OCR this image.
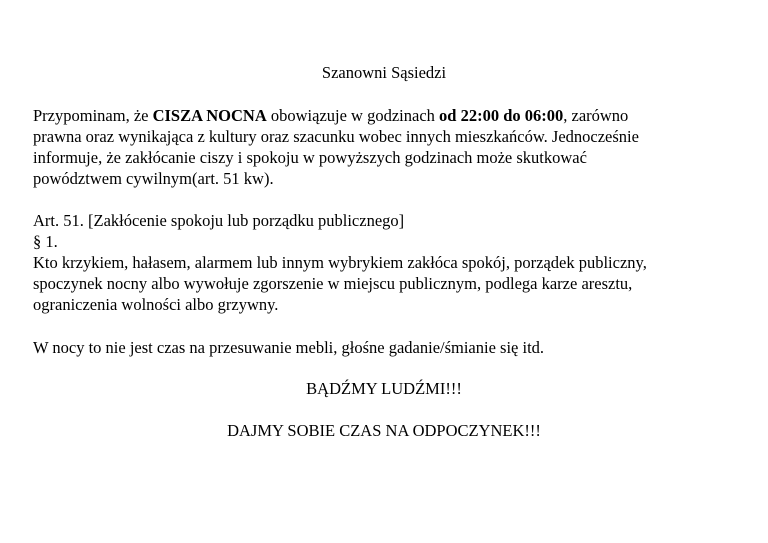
Szanowni Sąsiedzi
Przypominam, że CISZA NOCNA obowiązuje w godzinach od 22:00 do 06:00, zarówno
prawna oraz wynikająca z kultury oraz szacunku wobec innych mieszkańców. Jednocześnie
informuje, że zakłócanie ciszy i spokoju w powyższych godzinach może skutkować
powództwem cywilnym(art. 51 kw).
Art. 51. [Zakłócenie spokoju lub porządku publicznego]
§ 1.
Kto krzykiem, hałasem, alarmem lub innym wybrykiem zakłóca spokój, porządek publiczny,
spoczynek nocny albo wywołuje zgorszenie w miejscu publicznym, podlega karze aresztu,
ograniczenia wolności albo grzywny.
W nocy to nie jest czas na przesuwanie mebli, głośne gadanie/śmianie się itd.
BĄDŹMY LUDŹMI!!!
DAJMY SOBIE CZAS NA ODPOCZYNEK!!!
